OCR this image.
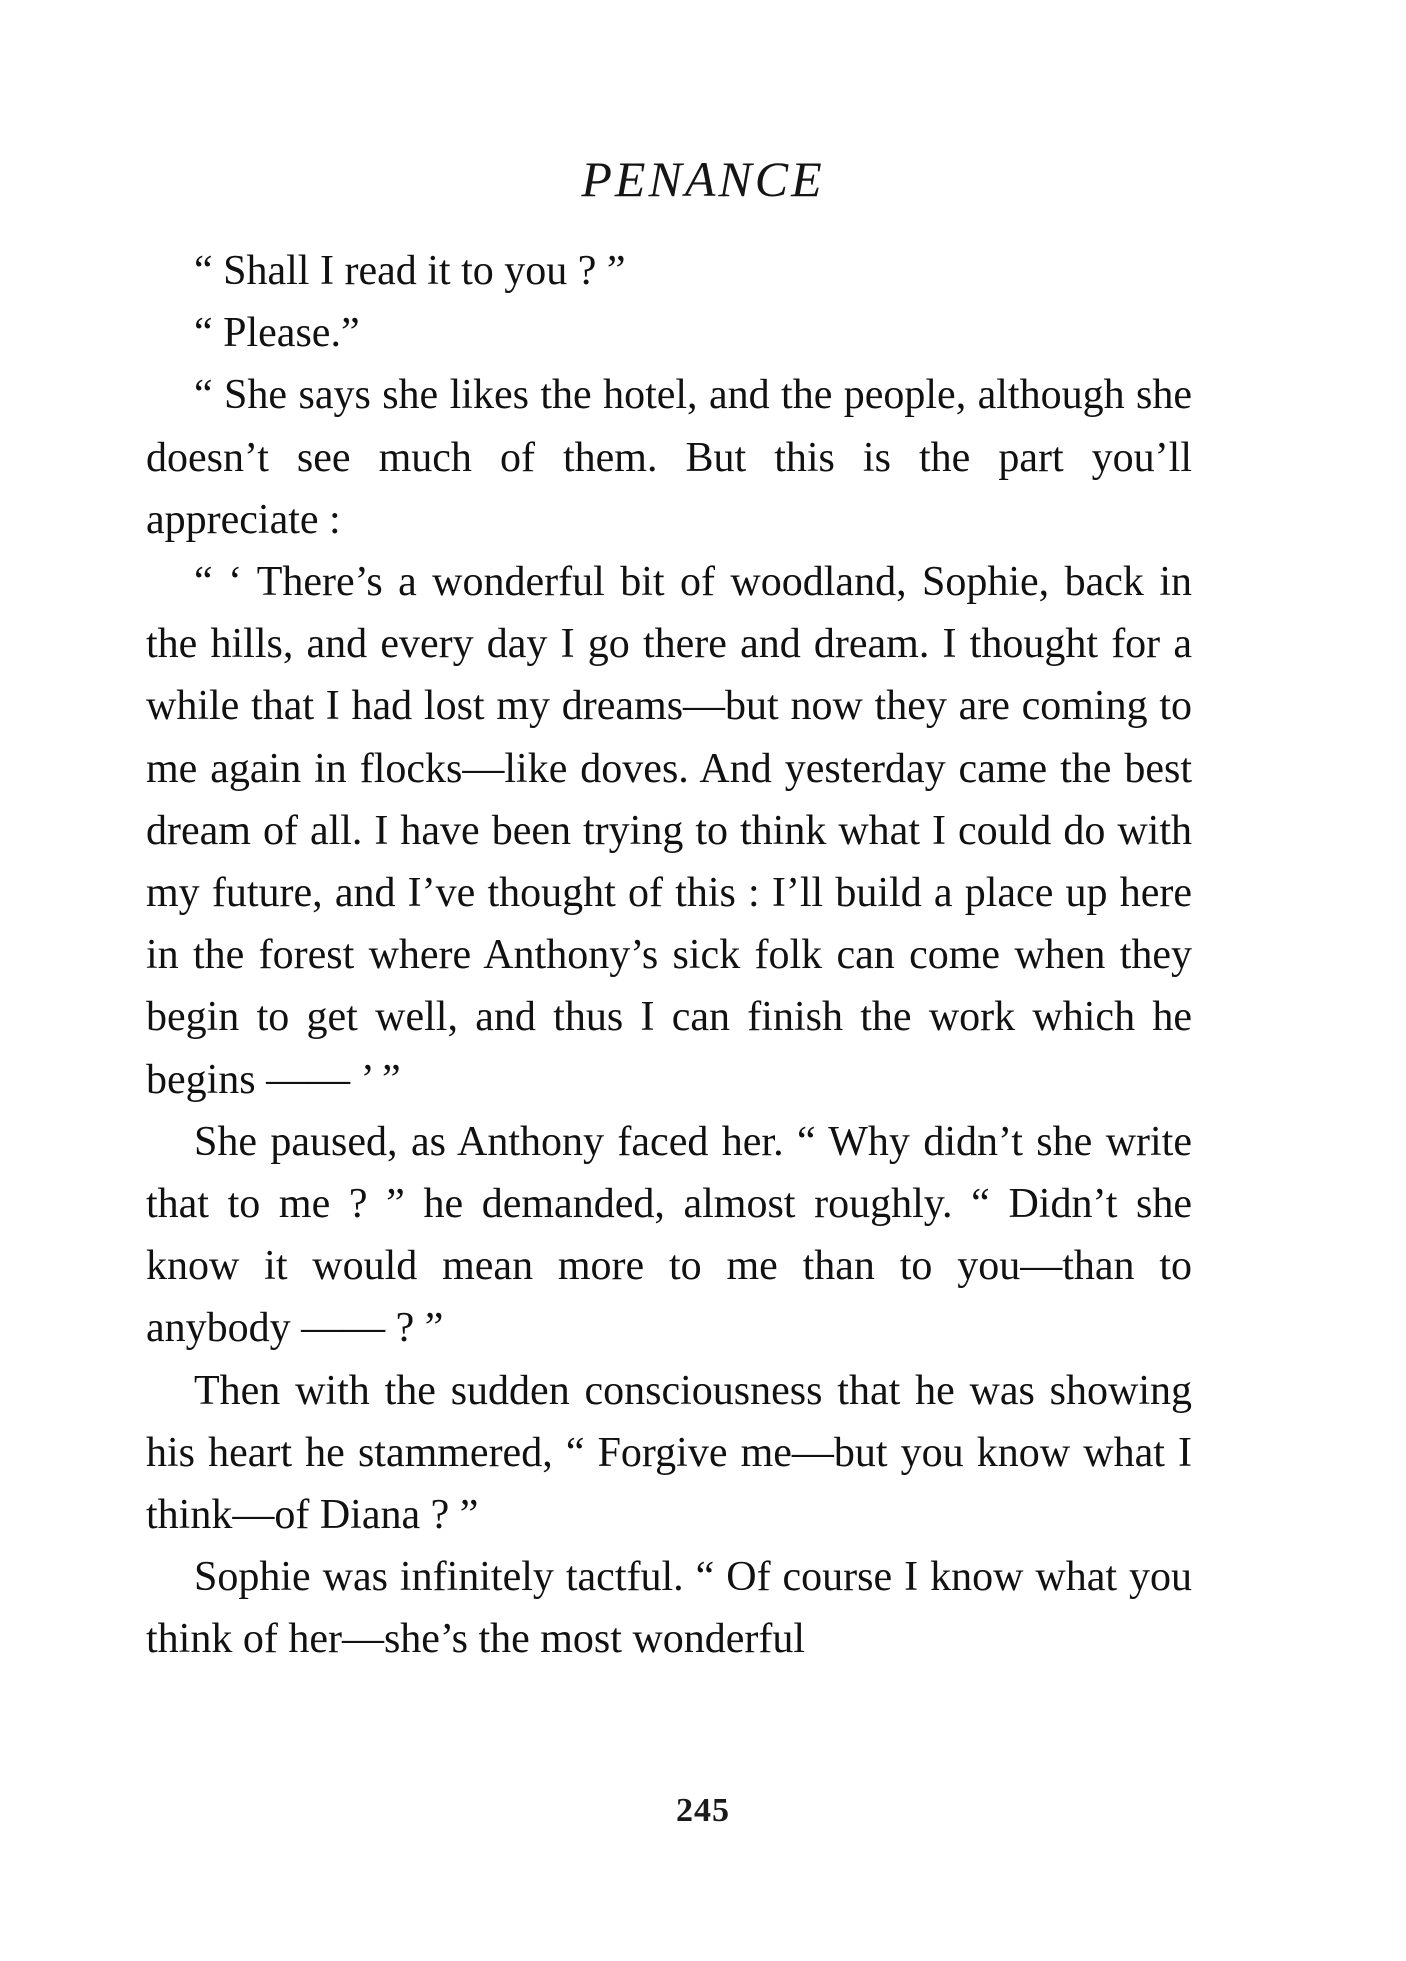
PENANCE

“ Shall I read it to you ? ”

“ Please.”

“ She says she likes the hotel, and the people, although she doesn’t see much of them. But this is the part you’ll appreciate :

“ ‘ There’s a wonderful bit of woodland, Sophie, back in the hills, and every day I go there and dream. I thought for a while that I had lost my dreams—but now they are coming to me again in flocks—like doves. And yesterday came the best dream of all. I have been trying to think what I could do with my future, and I’ve thought of this : I’ll build a place up here in the forest where Anthony’s sick folk can come when they begin to get well, and thus I can finish the work which he begins —— ’ ”

She paused, as Anthony faced her. “ Why didn’t she write that to me ? ” he demanded, almost roughly. “ Didn’t she know it would mean more to me than to you—than to anybody —— ? ”

Then with the sudden consciousness that he was showing his heart he stammered, “ Forgive me—but you know what I think—of Diana ? ”

Sophie was infinitely tactful. “ Of course I know what you think of her—she’s the most wonderful

245
